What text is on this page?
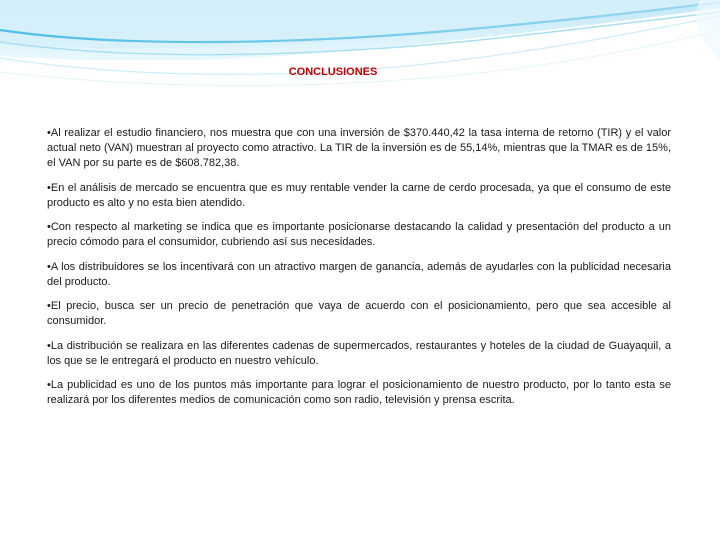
CONCLUSIONES

•Al realizar el estudio financiero, nos muestra que con una inversión de $370.440,42 la tasa interna de retorno (TIR) y el valor actual neto (VAN) muestran al proyecto como atractivo. La TIR de la inversión es de 55,14%, mientras que la TMAR es de 15%, el VAN por su parte es de $608.782,38.

•En el análisis de mercado se encuentra que es muy rentable vender la carne de cerdo procesada, ya que el consumo de este producto es alto y no esta bien atendido.

•Con respecto al marketing se indica que es importante posicionarse destacando la calidad y presentación del producto a un precio cómodo para el consumidor, cubriendo así sus necesidades.

•A los distribuidores se los incentivará con un atractivo margen de ganancia, además de ayudarles con la publicidad necesaria del producto.

•El precio, busca ser un precio de penetración que vaya de acuerdo con el posicionamiento, pero que sea accesible al consumidor.

•La distribución se realizara en las diferentes cadenas de supermercados, restaurantes y hoteles de la ciudad de Guayaquil, a los que se le entregará el producto en nuestro vehículo.

•La publicidad es uno de los puntos más importante para lograr el posicionamiento de nuestro producto, por lo tanto esta se realizará por los diferentes medios de comunicación como son radio, televisión y prensa escrita.
